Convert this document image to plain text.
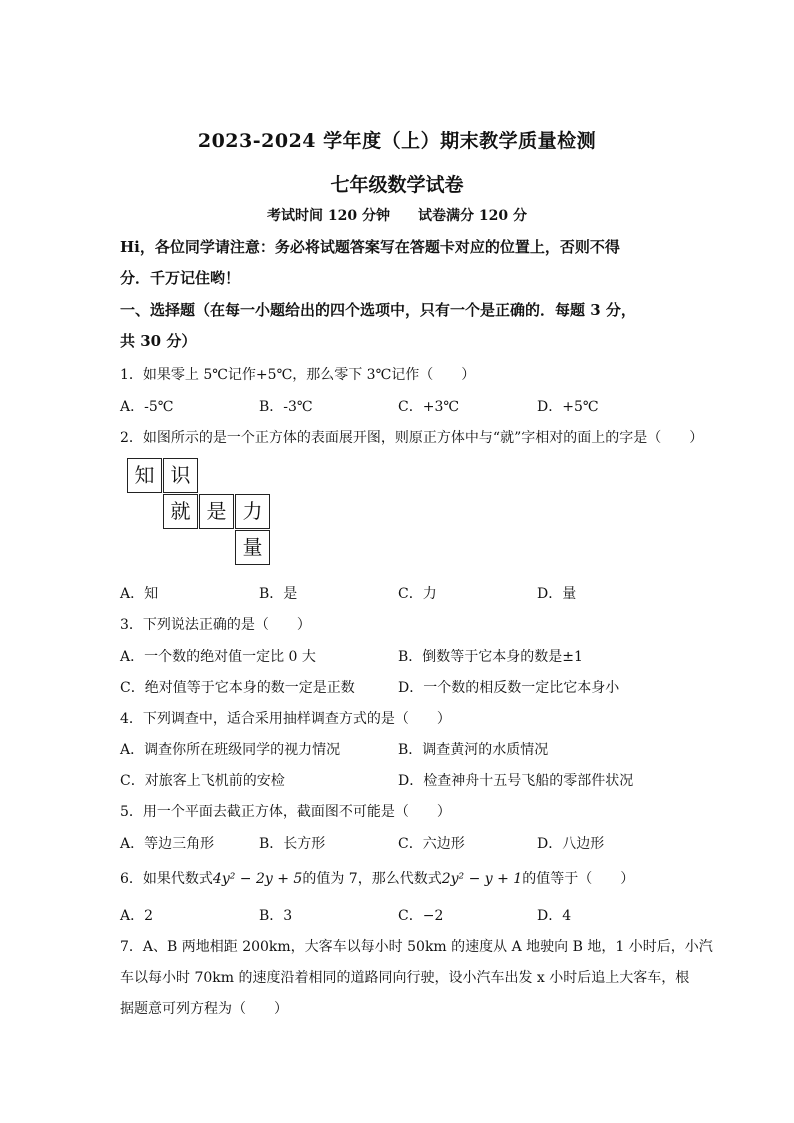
2023-2024 学年度（上）期末教学质量检测
七年级数学试卷
考试时间 120 分钟 试卷满分 120 分
Hi，各位同学请注意：务必将试题答案写在答题卡对应的位置上，否则不得
分．千万记住哟！
一、选择题（在每一小题给出的四个选项中，只有一个是正确的．每题 3 分，
共 30 分）
1．如果零上 5℃记作+5℃，那么零下 3℃记作（　　）
A．-5℃	B．-3℃	C．+3℃	D．+5℃
2．如图所示的是一个正方体的表面展开图，则原正方体中与“就”字相对的面上的字是（　　）
知 识
就 是 力
量
A．知	B．是	C．力	D．量
3．下列说法正确的是（　　）
A．一个数的绝对值一定比 0 大	B．倒数等于它本身的数是±1
C．绝对值等于它本身的数一定是正数	D．一个数的相反数一定比它本身小
4．下列调查中，适合采用抽样调查方式的是（　　）
A．调查你所在班级同学的视力情况	B．调查黄河的水质情况
C．对旅客上飞机前的安检	D．检查神舟十五号飞船的零部件状况
5．用一个平面去截正方体，截面图不可能是（　　）
A．等边三角形	B．长方形	C．六边形	D．八边形
6．如果代数式4y² − 2y + 5的值为 7，那么代数式2y² − y + 1的值等于（　　）
A．2	B．3	C．−2	D．4
7．A、B 两地相距 200km，大客车以每小时 50km 的速度从 A 地驶向 B 地，1 小时后，小汽
车以每小时 70km 的速度沿着相同的道路同向行驶，设小汽车出发 x 小时后追上大客车，根
据题意可列方程为（　　）
